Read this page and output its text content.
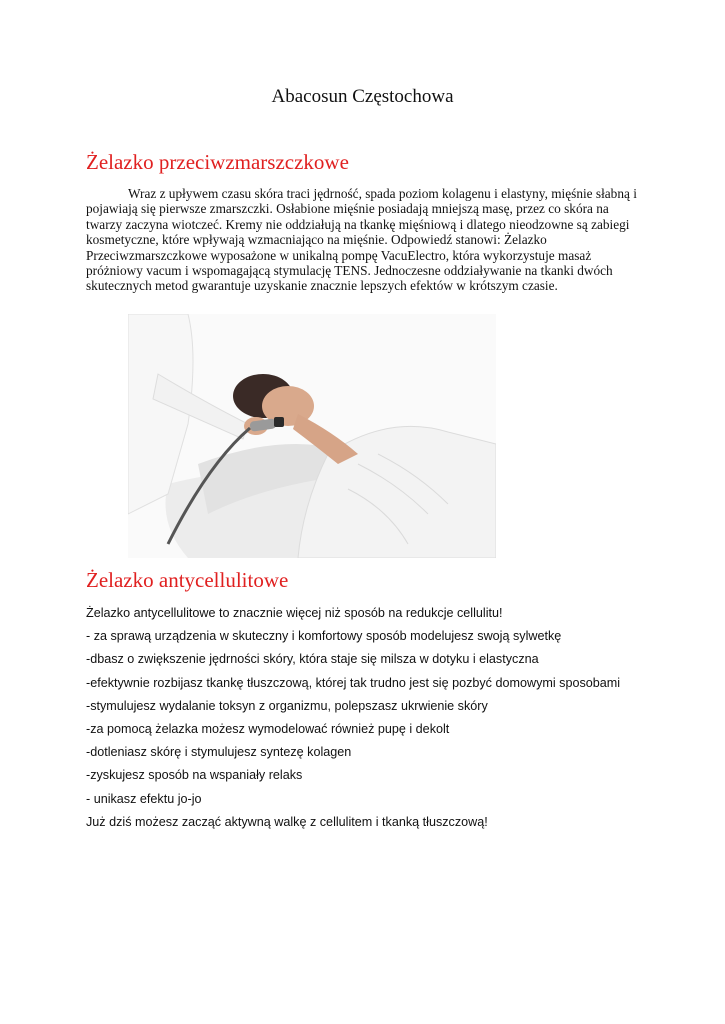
Abacosun Częstochowa
Żelazko przeciwzmarszczkowe

Wraz z upływem czasu skóra traci jędrność, spada poziom kolagenu i elastyny, mięśnie słabną i pojawiają się pierwsze zmarszczki. Osłabione mięśnie posiadają mniejszą masę, przez co skóra na twarzy zaczyna wiotczeć. Kremy nie oddziałują na tkankę mięśniową i dlatego nieodzowne są zabiegi kosmetyczne, które wpływają wzmacniająco na mięśnie. Odpowiedź stanowi: Żelazko Przeciwzmarszczkowe wyposażone w unikalną pompę VacuElectro, która wykorzystuje masaż próżniowy vacum i wspomagającą stymulację TENS. Jednoczesne oddziaływanie na tkanki dwóch skutecznych metod gwarantuje uzyskanie znacznie lepszych efektów w krótszym czasie.

Żelazko antycellulitowe
Żelazko antycellulitowe to znacznie więcej niż sposób na redukcje cellulitu!
- za sprawą urządzenia w skuteczny i komfortowy sposób modelujesz swoją sylwetkę
-dbasz o zwiększenie jędrności skóry, która staje się milsza w dotyku i elastyczna
-efektywnie rozbijasz tkankę tłuszczową, której tak trudno jest się pozbyć domowymi sposobami
-stymulujesz wydalanie toksyn z organizmu, polepszasz ukrwienie skóry
-za pomocą żelazka możesz wymodelować również pupę i dekolt
-dotleniasz skórę i stymulujesz syntezę kolagen
-zyskujesz sposób na wspaniały relaks
- unikasz efektu jo-jo
Już dziś możesz zacząć aktywną walkę z cellulitem i tkanką tłuszczową!
